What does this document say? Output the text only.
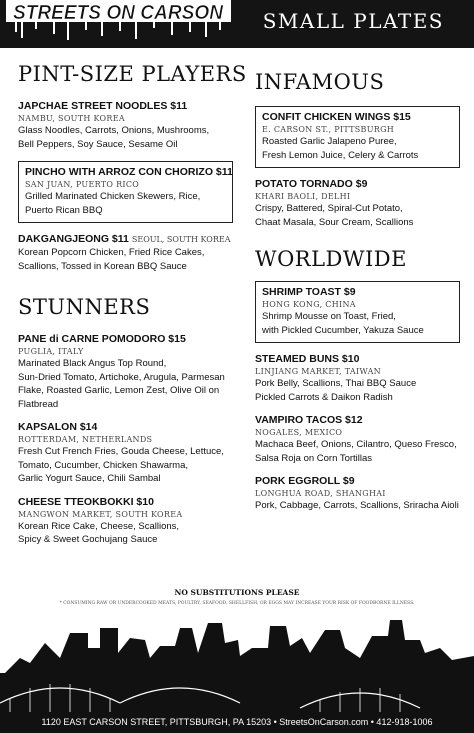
STREETS ON CARSON SMALL PLATES
PINT-SIZE PLAYERS
JAPCHAE STREET NOODLES $11
NAMBU, SOUTH KOREA
Glass Noodles, Carrots, Onions, Mushrooms,
Bell Peppers, Soy Sauce, Sesame Oil
PINCHO WITH ARROZ CON CHORIZO $11
SAN JUAN, PUERTO RICO
Grilled Marinated Chicken Skewers, Rice,
Puerto Rican BBQ
DAKGANGJEONG $11 SEOUL, SOUTH KOREA
Korean Popcorn Chicken, Fried Rice Cakes,
Scallions, Tossed in Korean BBQ Sauce
STUNNERS
PANE di CARNE POMODORO $15
PUGLIA, ITALY
Marinated Black Angus Top Round,
Sun-Dried Tomato, Artichoke, Arugula, Parmesan
Flake, Roasted Garlic, Lemon Zest, Olive Oil on
Flatbread
KAPSALON $14
ROTTERDAM, NETHERLANDS
Fresh Cut French Fries, Gouda Cheese, Lettuce,
Tomato, Cucumber, Chicken Shawarma,
Garlic Yogurt Sauce, Chili Sambal
CHEESE TTEOKBOKKI $10
MANGWON MARKET, SOUTH KOREA
Korean Rice Cake, Cheese, Scallions,
Spicy & Sweet Gochujang Sauce
INFAMOUS
CONFIT CHICKEN WINGS $15
E. CARSON ST., PITTSBURGH
Roasted Garlic Jalapeno Puree,
Fresh Lemon Juice, Celery & Carrots
POTATO TORNADO $9
KHARI BAOLI, DELHI
Crispy, Battered, Spiral-Cut Potato,
Chaat Masala, Sour Cream, Scallions
WORLDWIDE
SHRIMP TOAST $9
HONG KONG, CHINA
Shrimp Mousse on Toast, Fried,
with Pickled Cucumber, Yakuza Sauce
STEAMED BUNS $10
LINJIANG MARKET, TAIWAN
Pork Belly, Scallions, Thai BBQ Sauce
Pickled Carrots & Daikon Radish
VAMPIRO TACOS $12
NOGALES, MEXICO
Machaca Beef, Onions, Cilantro, Queso Fresco,
Salsa Roja on Corn Tortillas
PORK EGGROLL $9
LONGHUA ROAD, SHANGHAI
Pork, Cabbage, Carrots, Scallions, Sriracha Aioli
NO SUBSTITUTIONS PLEASE
* CONSUMING RAW OR UNDERCOOKED MEATS, POULTRY, SEAFOOD, SHELLFISH, OR EGGS MAY INCREASE YOUR RISK OF FOODBORNE ILLNESS.
1120 EAST CARSON STREET, PITTSBURGH, PA 15203 • StreetsOnCarson.com • 412-918-1006
